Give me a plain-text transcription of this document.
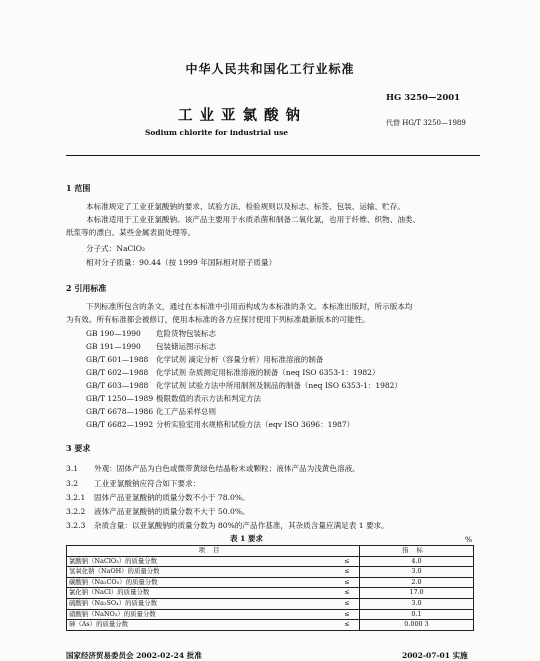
中华人民共和国化工行业标准
HG 3250—2001
工业亚氯酸钠
Sodium chlorite for industrial use
代替 HG/T 3250—1989
1 范围
本标准规定了工业亚氯酸钠的要求、试验方法、检验规则以及标志、标签、包装、运输、贮存。
本标准适用于工业亚氯酸钠。该产品主要用于水质杀菌和制备二氧化氯，也用于纤维、织物、油类、
纸浆等的漂白、某些金属表面处理等。
分子式：NaClO₂
相对分子质量：90.44（按 1999 年国际相对原子质量）
2 引用标准
下列标准所包含的条文，通过在本标准中引用而构成为本标准的条文。本标准出版时，所示版本均
为有效。所有标准都会被修订，使用本标准的各方应探讨使用下列标准最新版本的可能性。
GB 190—1990 危险货物包装标志
GB 191—1990 包装储运图示标志
GB/T 601—1988 化学试剂 滴定分析（容量分析）用标准溶液的制备
GB/T 602—1988 化学试剂 杂质测定用标准溶液的制备（neq ISO 6353-1：1982）
GB/T 603—1988 化学试剂 试验方法中所用制剂及制品的制备（neq ISO 6353-1：1982）
GB/T 1250—1989 极限数值的表示方法和判定方法
GB/T 6678—1986 化工产品采样总则
GB/T 6682—1992 分析实验室用水规格和试验方法（eqv ISO 3696：1987）
3 要求
3.1 外观：固体产品为白色或微带黄绿色结晶粉末或颗粒；液体产品为浅黄色溶液。
3.2 工业亚氯酸钠应符合如下要求：
3.2.1 固体产品亚氯酸钠的质量分数不小于 78.0%。
3.2.2 液体产品亚氯酸钠的质量分数不大于 50.0%。
3.2.3 杂质含量：以亚氯酸钠的质量分数为 80%的产品作基准，其杂质含量应满足表 1 要求。
表 1 要求	%
项目		指标
氯酸钠（NaClO₃）的质量分数	≤	4.0
氢氧化钠（NaOH）的质量分数	≤	3.0
碳酸钠（Na₂CO₃）的质量分数	≤	2.0
氯化钠（NaCl）的质量分数	≤	17.0
硫酸钠（Na₂SO₄）的质量分数	≤	3.0
硝酸钠（NaNO₃）的质量分数	≤	0.1
砷（As）的质量分数	≤	0.000 3
国家经济贸易委员会 2002-02-24 批准	2002-07-01 实施
